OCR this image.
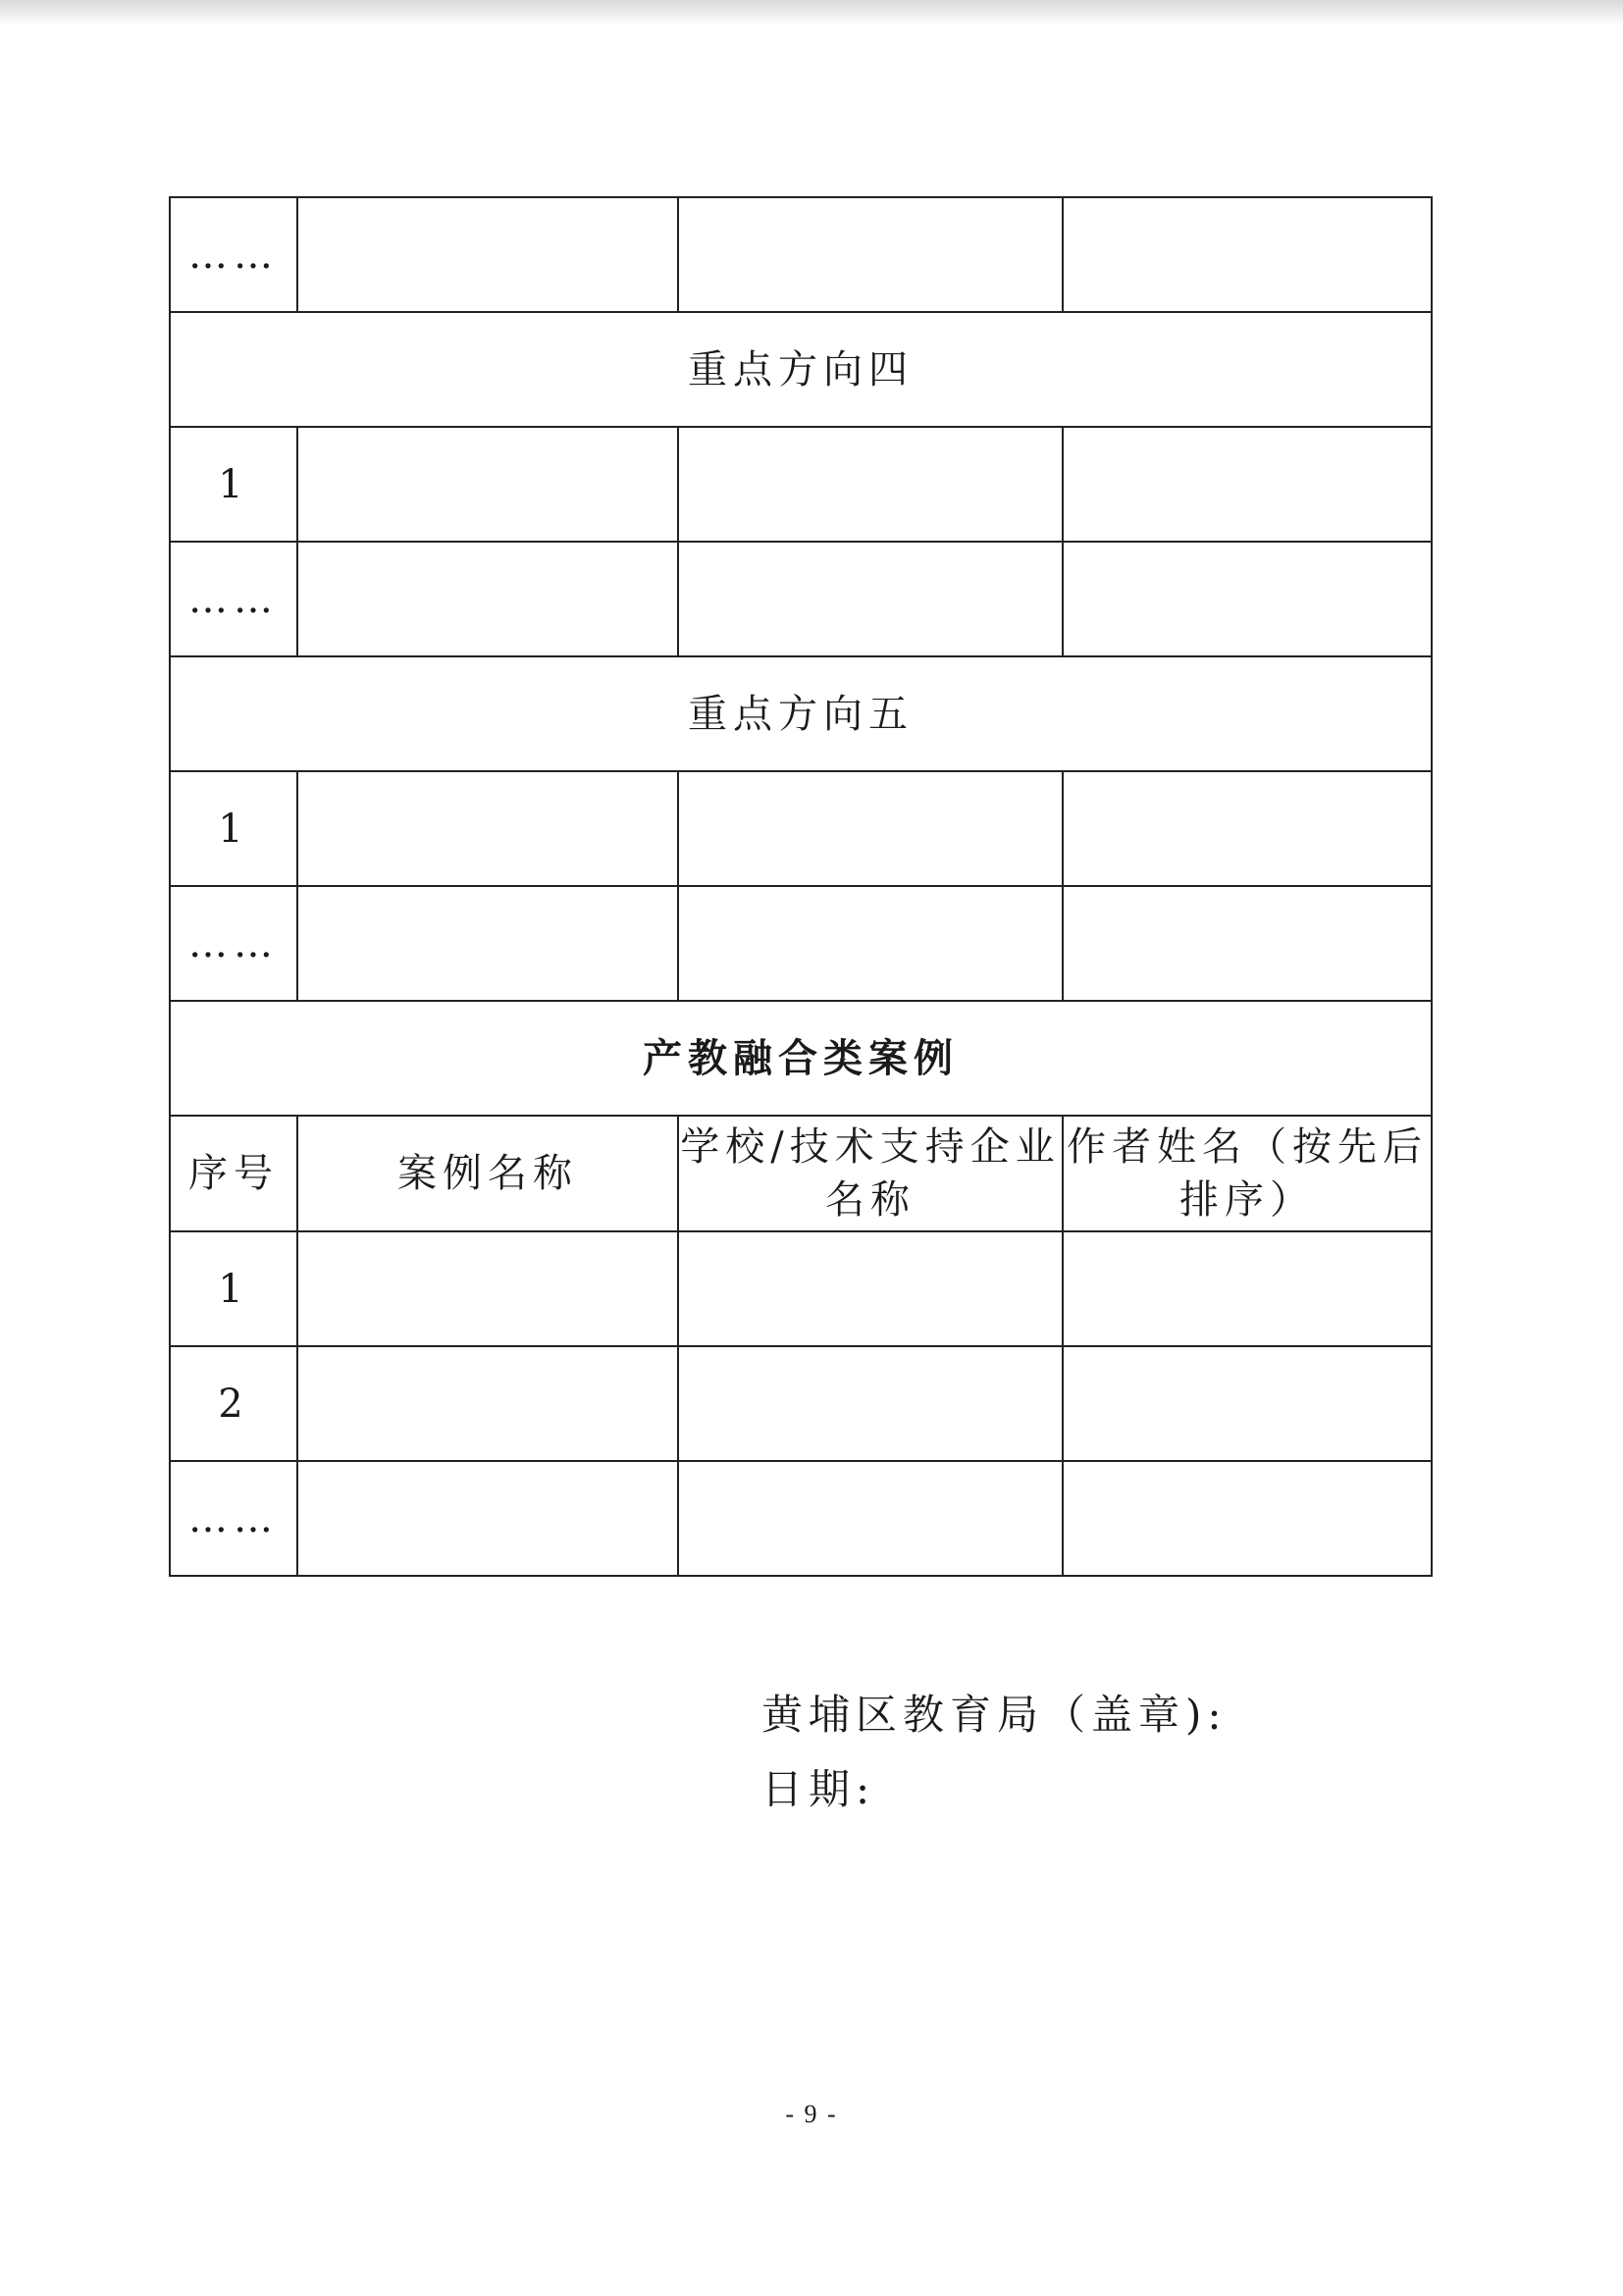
……			
重点方向四			
1			
……			
重点方向五			
1			
……			
产教融合类案例			
序号	案例名称	学校/技术支持企业名称	作者姓名（按先后排序）
1			
2			
……			
黄埔区教育局（盖章):
日期:
- 9 -
